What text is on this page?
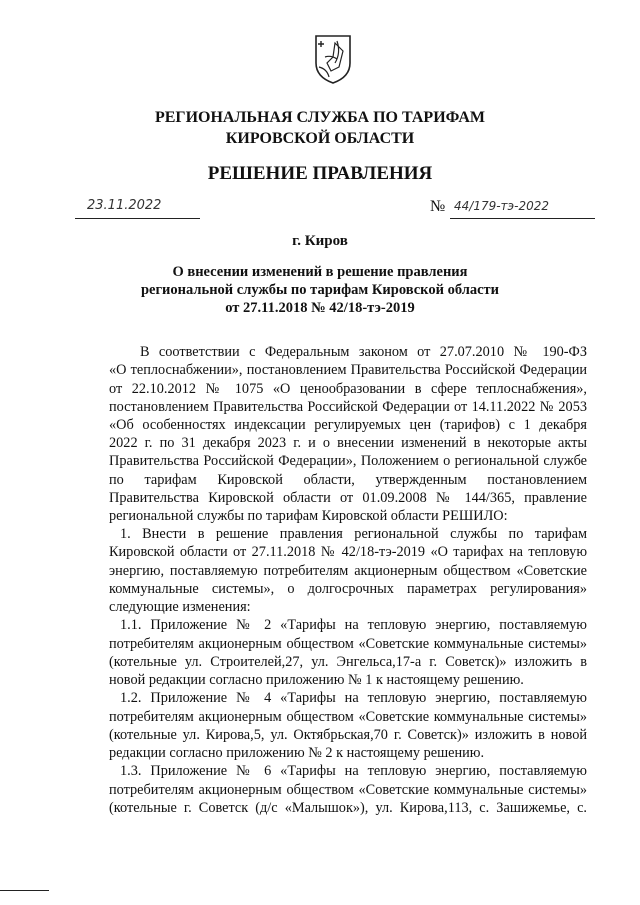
РЕГИОНАЛЬНАЯ СЛУЖБА ПО ТАРИФАМ
КИРОВСКОЙ ОБЛАСТИ
РЕШЕНИЕ ПРАВЛЕНИЯ
23.11.2022	№ 44/179-тэ-2022
г. Киров
О внесении изменений в решение правления
региональной службы по тарифам Кировской области
от 27.11.2018 № 42/18-тэ-2019
В соответствии с Федеральным законом от 27.07.2010 № 190-ФЗ
«О теплоснабжении», постановлением Правительства Российской Федерации
от 22.10.2012 № 1075 «О ценообразовании в сфере теплоснабжения»,
постановлением Правительства Российской Федерации от 14.11.2022 № 2053
«Об особенностях индексации регулируемых цен (тарифов) с 1 декабря
2022 г. по 31 декабря 2023 г. и о внесении изменений в некоторые акты
Правительства Российской Федерации», Положением о региональной службе
по тарифам Кировской области, утвержденным постановлением
Правительства Кировской области от 01.09.2008 № 144/365, правление
региональной службы по тарифам Кировской области РЕШИЛО:
1. Внести в решение правления региональной службы по тарифам
Кировской области от 27.11.2018 № 42/18-тэ-2019 «О тарифах на тепловую
энергию, поставляемую потребителям акционерным обществом «Советские
коммунальные системы», о долгосрочных параметрах регулирования»
следующие изменения:
1.1. Приложение № 2 «Тарифы на тепловую энергию, поставляемую
потребителям акционерным обществом «Советские коммунальные системы»
(котельные ул. Строителей,27, ул. Энгельса,17-а г. Советск)» изложить в
новой редакции согласно приложению № 1 к настоящему решению.
1.2. Приложение № 4 «Тарифы на тепловую энергию, поставляемую
потребителям акционерным обществом «Советские коммунальные системы»
(котельные ул. Кирова,5, ул. Октябрьская,70 г. Советск)» изложить в новой
редакции согласно приложению № 2 к настоящему решению.
1.3. Приложение № 6 «Тарифы на тепловую энергию, поставляемую
потребителям акционерным обществом «Советские коммунальные системы»
(котельные г. Советск (д/с «Малышок»), ул. Кирова,113, с. Зашижемье, с.
